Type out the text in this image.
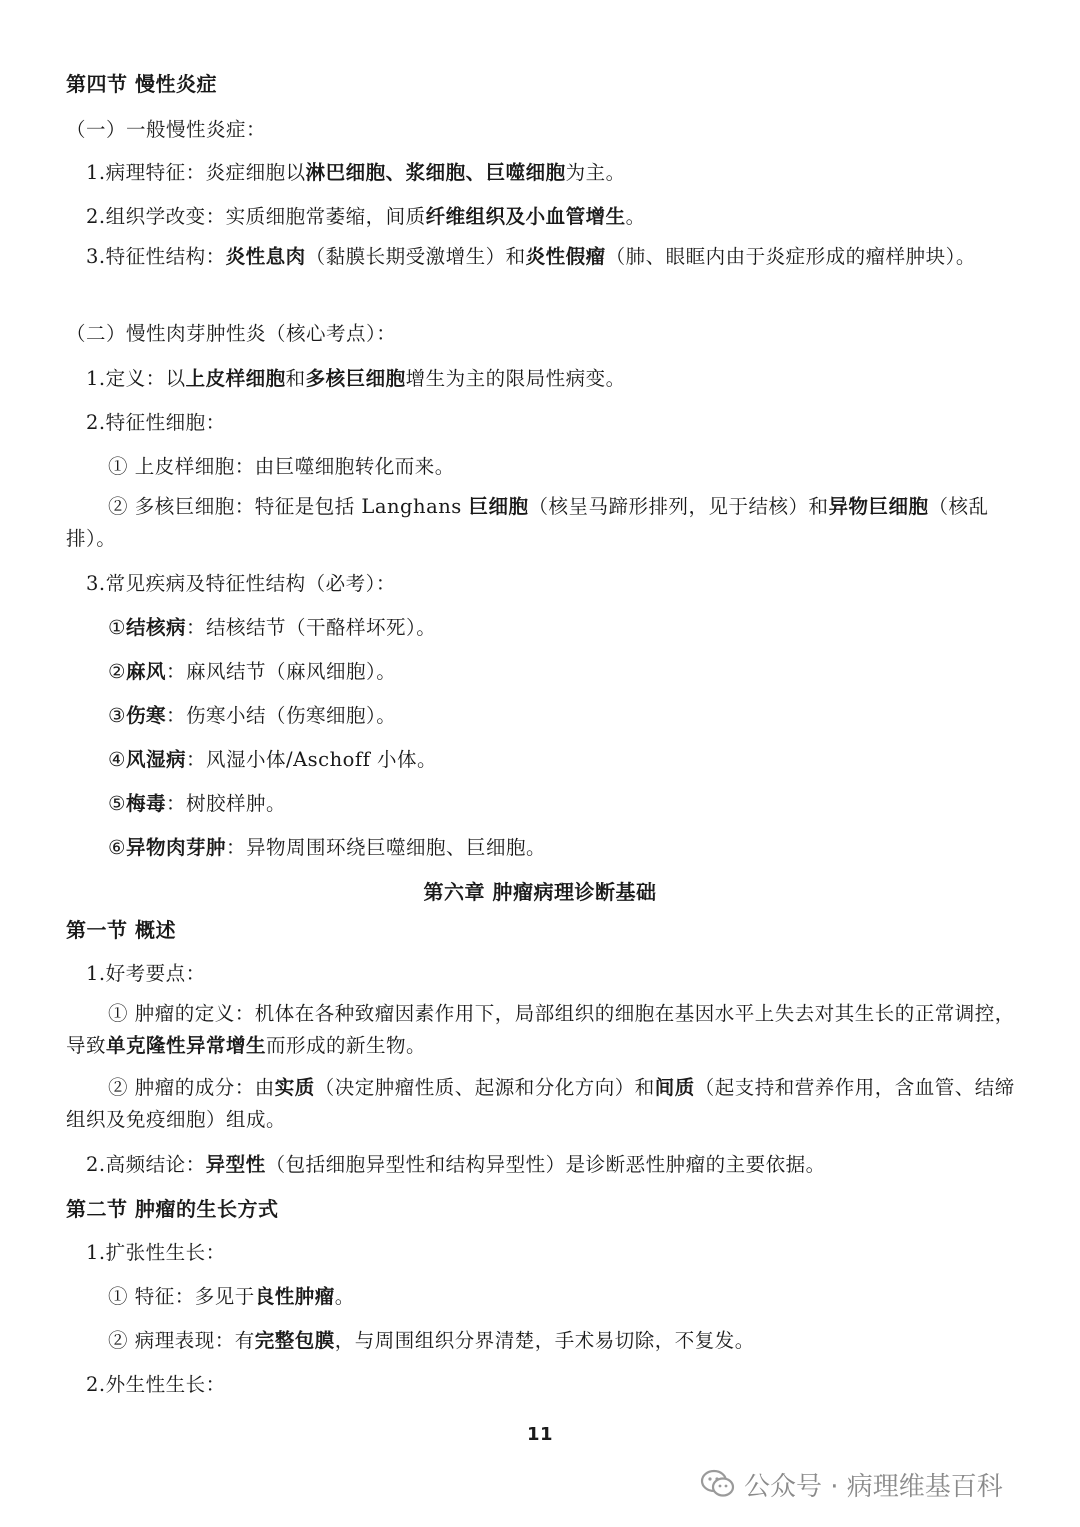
第四节 慢性炎症
（一）一般慢性炎症：
1.病理特征：炎症细胞以淋巴细胞、浆细胞、巨噬细胞为主。
2.组织学改变：实质细胞常萎缩，间质纤维组织及小血管增生。
3.特征性结构：炎性息肉（黏膜长期受激增生）和炎性假瘤（肺、眼眶内由于炎症形成的瘤样肿块）。
（二）慢性肉芽肿性炎（核心考点）：
1.定义：以上皮样细胞和多核巨细胞增生为主的限局性病变。
2.特征性细胞：
① 上皮样细胞：由巨噬细胞转化而来。
② 多核巨细胞：特征是包括 Langhans 巨细胞（核呈马蹄形排列，见于结核）和异物巨细胞（核乱排）。
3.常见疾病及特征性结构（必考）：
①结核病：结核结节（干酪样坏死）。
②麻风：麻风结节（麻风细胞）。
③伤寒：伤寒小结（伤寒细胞）。
④风湿病：风湿小体/Aschoff 小体。
⑤梅毒：树胶样肿。
⑥异物肉芽肿：异物周围环绕巨噬细胞、巨细胞。
第六章 肿瘤病理诊断基础
第一节 概述
1.好考要点：
① 肿瘤的定义：机体在各种致瘤因素作用下，局部组织的细胞在基因水平上失去对其生长的正常调控，导致单克隆性异常增生而形成的新生物。
② 肿瘤的成分：由实质（决定肿瘤性质、起源和分化方向）和间质（起支持和营养作用，含血管、结缔组织及免疫细胞）组成。
2.高频结论：异型性（包括细胞异型性和结构异型性）是诊断恶性肿瘤的主要依据。
第二节 肿瘤的生长方式
1.扩张性生长：
① 特征：多见于良性肿瘤。
② 病理表现：有完整包膜，与周围组织分界清楚，手术易切除，不复发。
2.外生性生长：
11
公众号 · 病理维基百科
